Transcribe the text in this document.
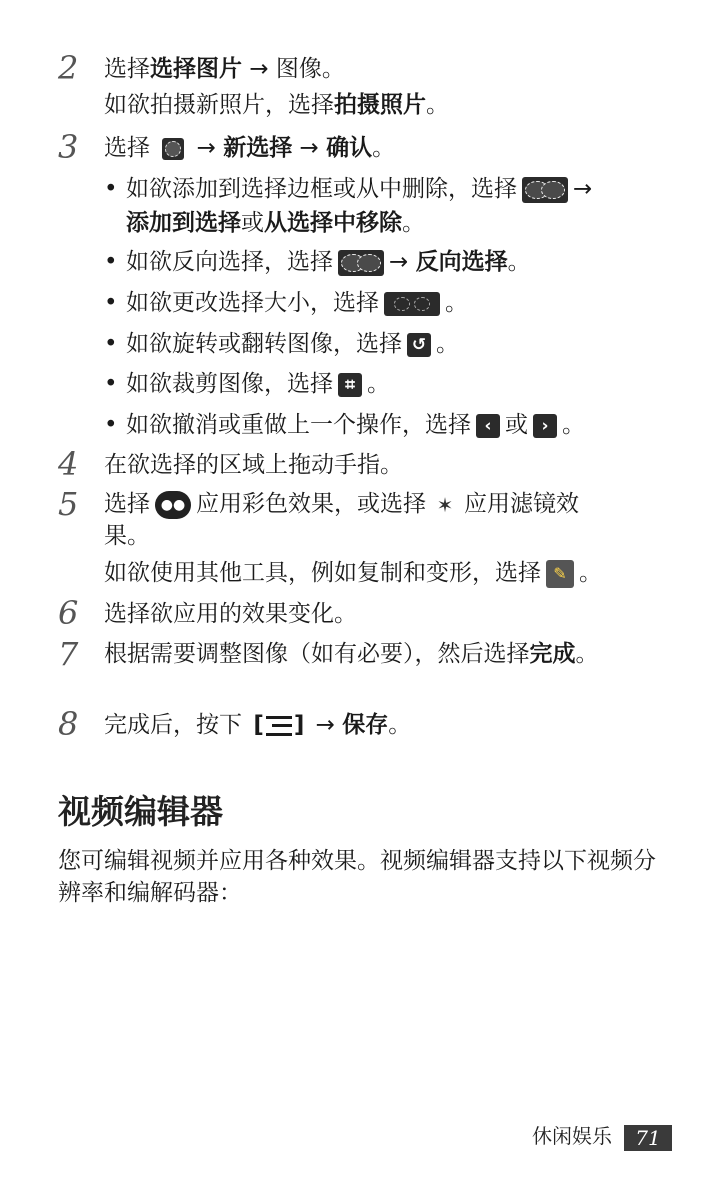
2	选择选择图片 → 图像。
如欲拍摄新照片，选择拍摄照片。
3	选择 → 新选择 → 确认。
• 如欲添加到选择边框或从中删除，选择 →
添加到选择或从选择中移除。
• 如欲反向选择，选择 → 反向选择。
• 如欲更改选择大小，选择	。
• 如欲旋转或翻转图像，选择 ↺ 。
• 如欲裁剪图像，选择 ⌗ 。
• 如欲撤消或重做上一个操作，选择 ‹ 或 › 。
4	在欲选择的区域上拖动手指。
5	选择 ●● 应用彩色效果，或选择 ✶ 应用滤镜效果。
如欲使用其他工具，例如复制和变形，选择 ✎ 。
6	选择欲应用的效果变化。
7	根据需要调整图像（如有必要），然后选择完成。
8	完成后，按下 [ ] → 保存。
视频编辑器
您可编辑视频并应用各种效果。视频编辑器支持以下视频分辨率和编解码器：
休闲娱乐 71
